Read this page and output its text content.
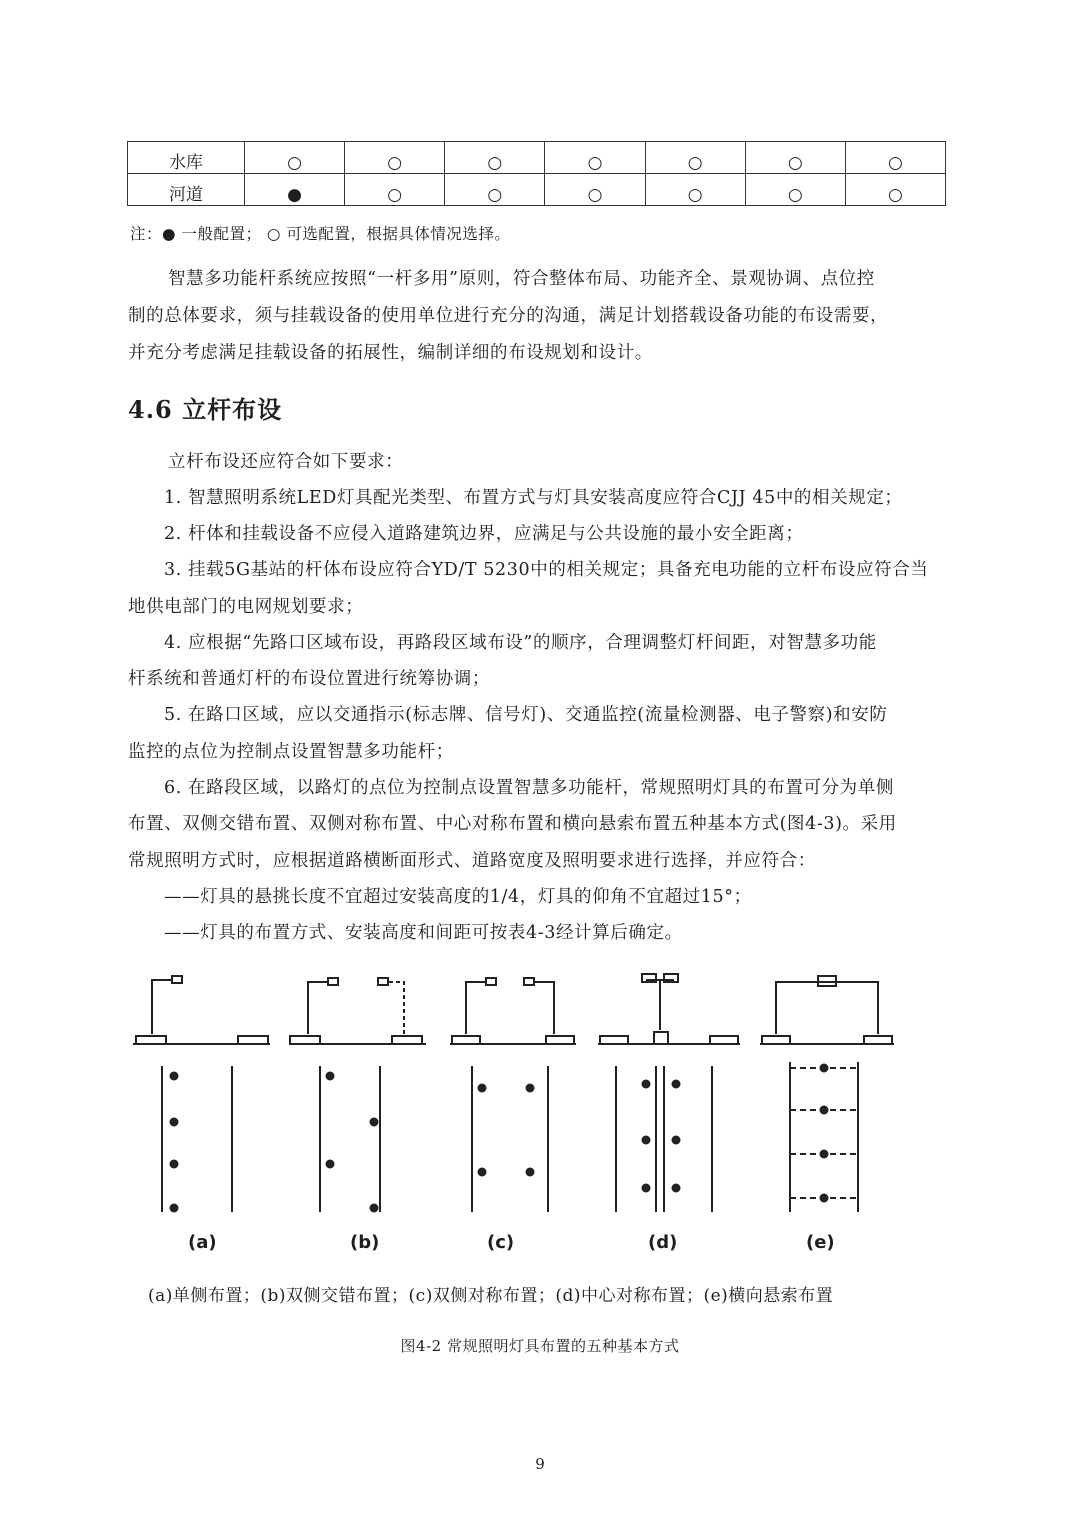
水库	○	○	○	○	○	○	○
河道	●	○	○	○	○	○	○
注：● 一般配置； ○ 可选配置，根据具体情况选择。
智慧多功能杆系统应按照“一杆多用”原则，符合整体布局、功能齐全、景观协调、点位控
制的总体要求，须与挂载设备的使用单位进行充分的沟通，满足计划搭载设备功能的布设需要，
并充分考虑满足挂载设备的拓展性，编制详细的布设规划和设计。
4.6 立杆布设
立杆布设还应符合如下要求：
1. 智慧照明系统LED灯具配光类型、布置方式与灯具安装高度应符合CJJ 45中的相关规定；
2. 杆体和挂载设备不应侵入道路建筑边界，应满足与公共设施的最小安全距离；
3. 挂载5G基站的杆体布设应符合YD/T 5230中的相关规定；具备充电功能的立杆布设应符合当
地供电部门的电网规划要求；
4. 应根据“先路口区域布设，再路段区域布设”的顺序，合理调整灯杆间距，对智慧多功能
杆系统和普通灯杆的布设位置进行统筹协调；
5. 在路口区域，应以交通指示(标志牌、信号灯)、交通监控(流量检测器、电子警察)和安防
监控的点位为控制点设置智慧多功能杆；
6. 在路段区域，以路灯的点位为控制点设置智慧多功能杆，常规照明灯具的布置可分为单侧
布置、双侧交错布置、双侧对称布置、中心对称布置和横向悬索布置五种基本方式(图4-3)。采用
常规照明方式时，应根据道路横断面形式、道路宽度及照明要求进行选择，并应符合：
——灯具的悬挑长度不宜超过安装高度的1/4，灯具的仰角不宜超过15°；
——灯具的布置方式、安装高度和间距可按表4-3经计算后确定。
(a)	(b)	(c)	(d)	(e)
(a)单侧布置；(b)双侧交错布置；(c)双侧对称布置；(d)中心对称布置；(e)横向悬索布置
图4-2 常规照明灯具布置的五种基本方式
9
